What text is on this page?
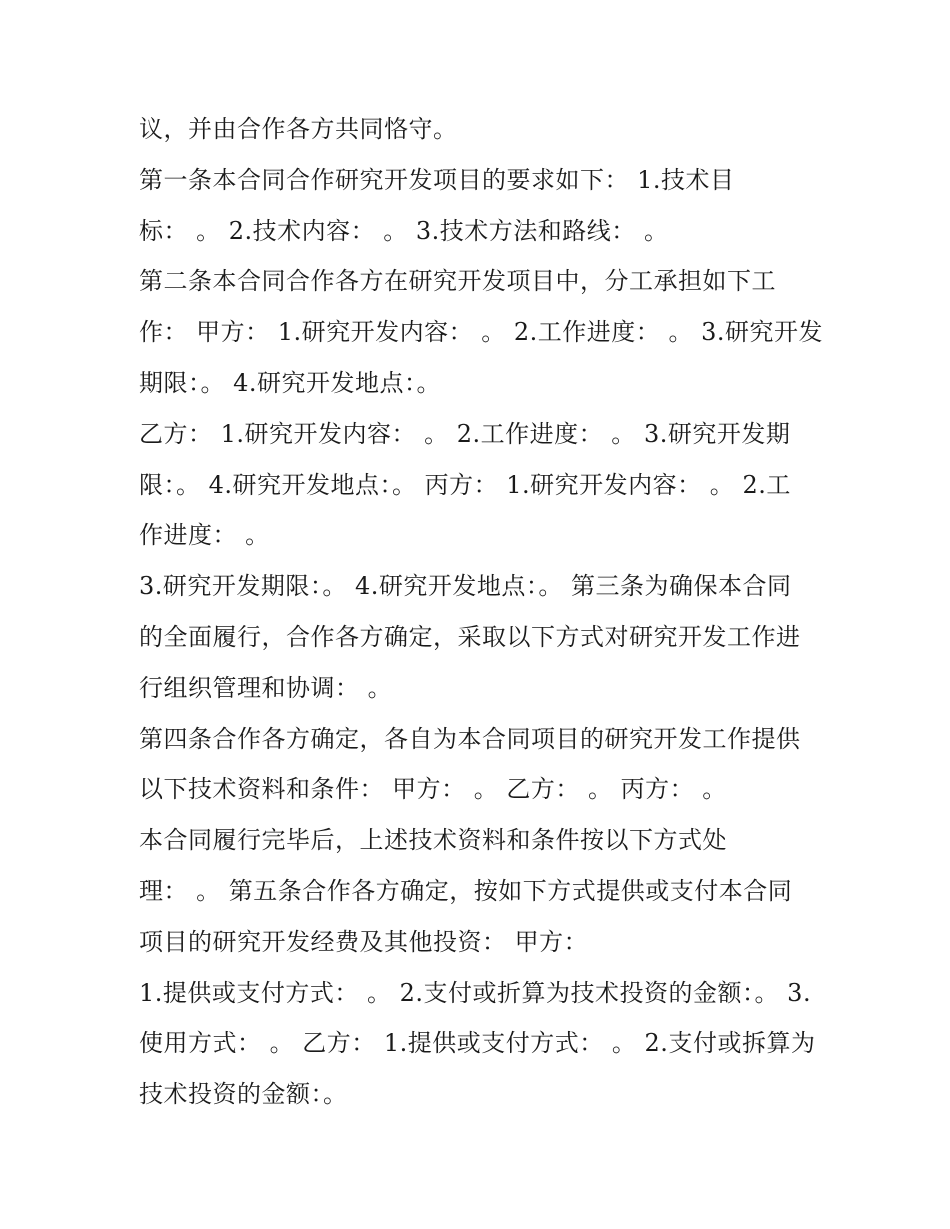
议，并由合作各方共同恪守。
第一条本合同合作研究开发项目的要求如下： 1.技术目
标： 。 2.技术内容： 。 3.技术方法和路线： 。
第二条本合同合作各方在研究开发项目中，分工承担如下工
作： 甲方： 1.研究开发内容： 。 2.工作进度： 。 3.研究开发
期限：。 4.研究开发地点：。
乙方： 1.研究开发内容： 。 2.工作进度： 。 3.研究开发期
限：。 4.研究开发地点：。 丙方： 1.研究开发内容： 。 2.工
作进度： 。
3.研究开发期限：。 4.研究开发地点：。 第三条为确保本合同
的全面履行，合作各方确定，采取以下方式对研究开发工作进
行组织管理和协调： 。
第四条合作各方确定，各自为本合同项目的研究开发工作提供
以下技术资料和条件： 甲方： 。 乙方： 。 丙方： 。
本合同履行完毕后，上述技术资料和条件按以下方式处
理： 。 第五条合作各方确定，按如下方式提供或支付本合同
项目的研究开发经费及其他投资： 甲方：
1.提供或支付方式： 。 2.支付或折算为技术投资的金额：。 3.
使用方式： 。 乙方： 1.提供或支付方式： 。 2.支付或拆算为
技术投资的金额：。
